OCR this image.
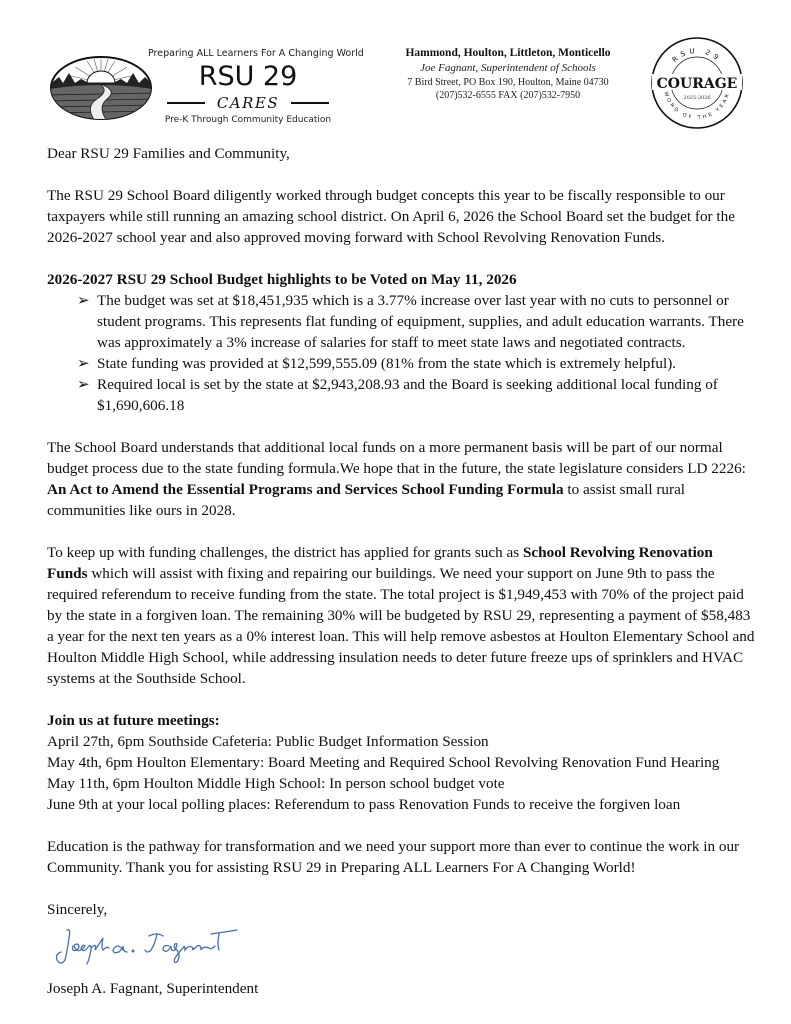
Preparing ALL Learners For A Changing World
RSU 29
CARES
Pre-K Through Community Education
Hammond, Houlton, Littleton, Monticello
Joe Fagnant, Superintendent of Schools
7 Bird Street, PO Box 190, Houlton, Maine 04730
(207)532-6555 FAX (207)532-7950
RSU 29
COURAGE
2025-2026
WORD OF THE YEAR

Dear RSU 29 Families and Community,

The RSU 29 School Board diligently worked through budget concepts this year to be fiscally responsible to our taxpayers while still running an amazing school district. On April 6, 2026 the School Board set the budget for the 2026-2027 school year and also approved moving forward with School Revolving Renovation Funds.

2026-2027 RSU 29 School Budget highlights to be Voted on May 11, 2026

➢ The budget was set at $18,451,935 which is a 3.77% increase over last year with no cuts to personnel or student programs. This represents flat funding of equipment, supplies, and adult education warrants. There was approximately a 3% increase of salaries for staff to meet state laws and negotiated contracts.
➢ State funding was provided at $12,599,555.09 (81% from the state which is extremely helpful).
➢ Required local is set by the state at $2,943,208.93 and the Board is seeking additional local funding of $1,690,606.18

The School Board understands that additional local funds on a more permanent basis will be part of our normal budget process due to the state funding formula.We hope that in the future, the state legislature considers LD 2226: An Act to Amend the Essential Programs and Services School Funding Formula to assist small rural communities like ours in 2028.

To keep up with funding challenges, the district has applied for grants such as School Revolving Renovation Funds which will assist with fixing and repairing our buildings. We need your support on June 9th to pass the required referendum to receive funding from the state. The total project is $1,949,453 with 70% of the project paid by the state in a forgiven loan. The remaining 30% will be budgeted by RSU 29, representing a payment of $58,483 a year for the next ten years as a 0% interest loan. This will help remove asbestos at Houlton Elementary School and Houlton Middle High School, while addressing insulation needs to deter future freeze ups of sprinklers and HVAC systems at the Southside School.

Join us at future meetings:

April 27th, 6pm Southside Cafeteria: Public Budget Information Session

May 4th, 6pm Houlton Elementary: Board Meeting and Required School Revolving Renovation Fund Hearing

May 11th, 6pm Houlton Middle High School: In person school budget vote

June 9th at your local polling places: Referendum to pass Renovation Funds to receive the forgiven loan

Education is the pathway for transformation and we need your support more than ever to continue the work in our Community. Thank you for assisting RSU 29 in Preparing ALL Learners For A Changing World!

Sincerely,

Joseph A. Fagnant, Superintendent
